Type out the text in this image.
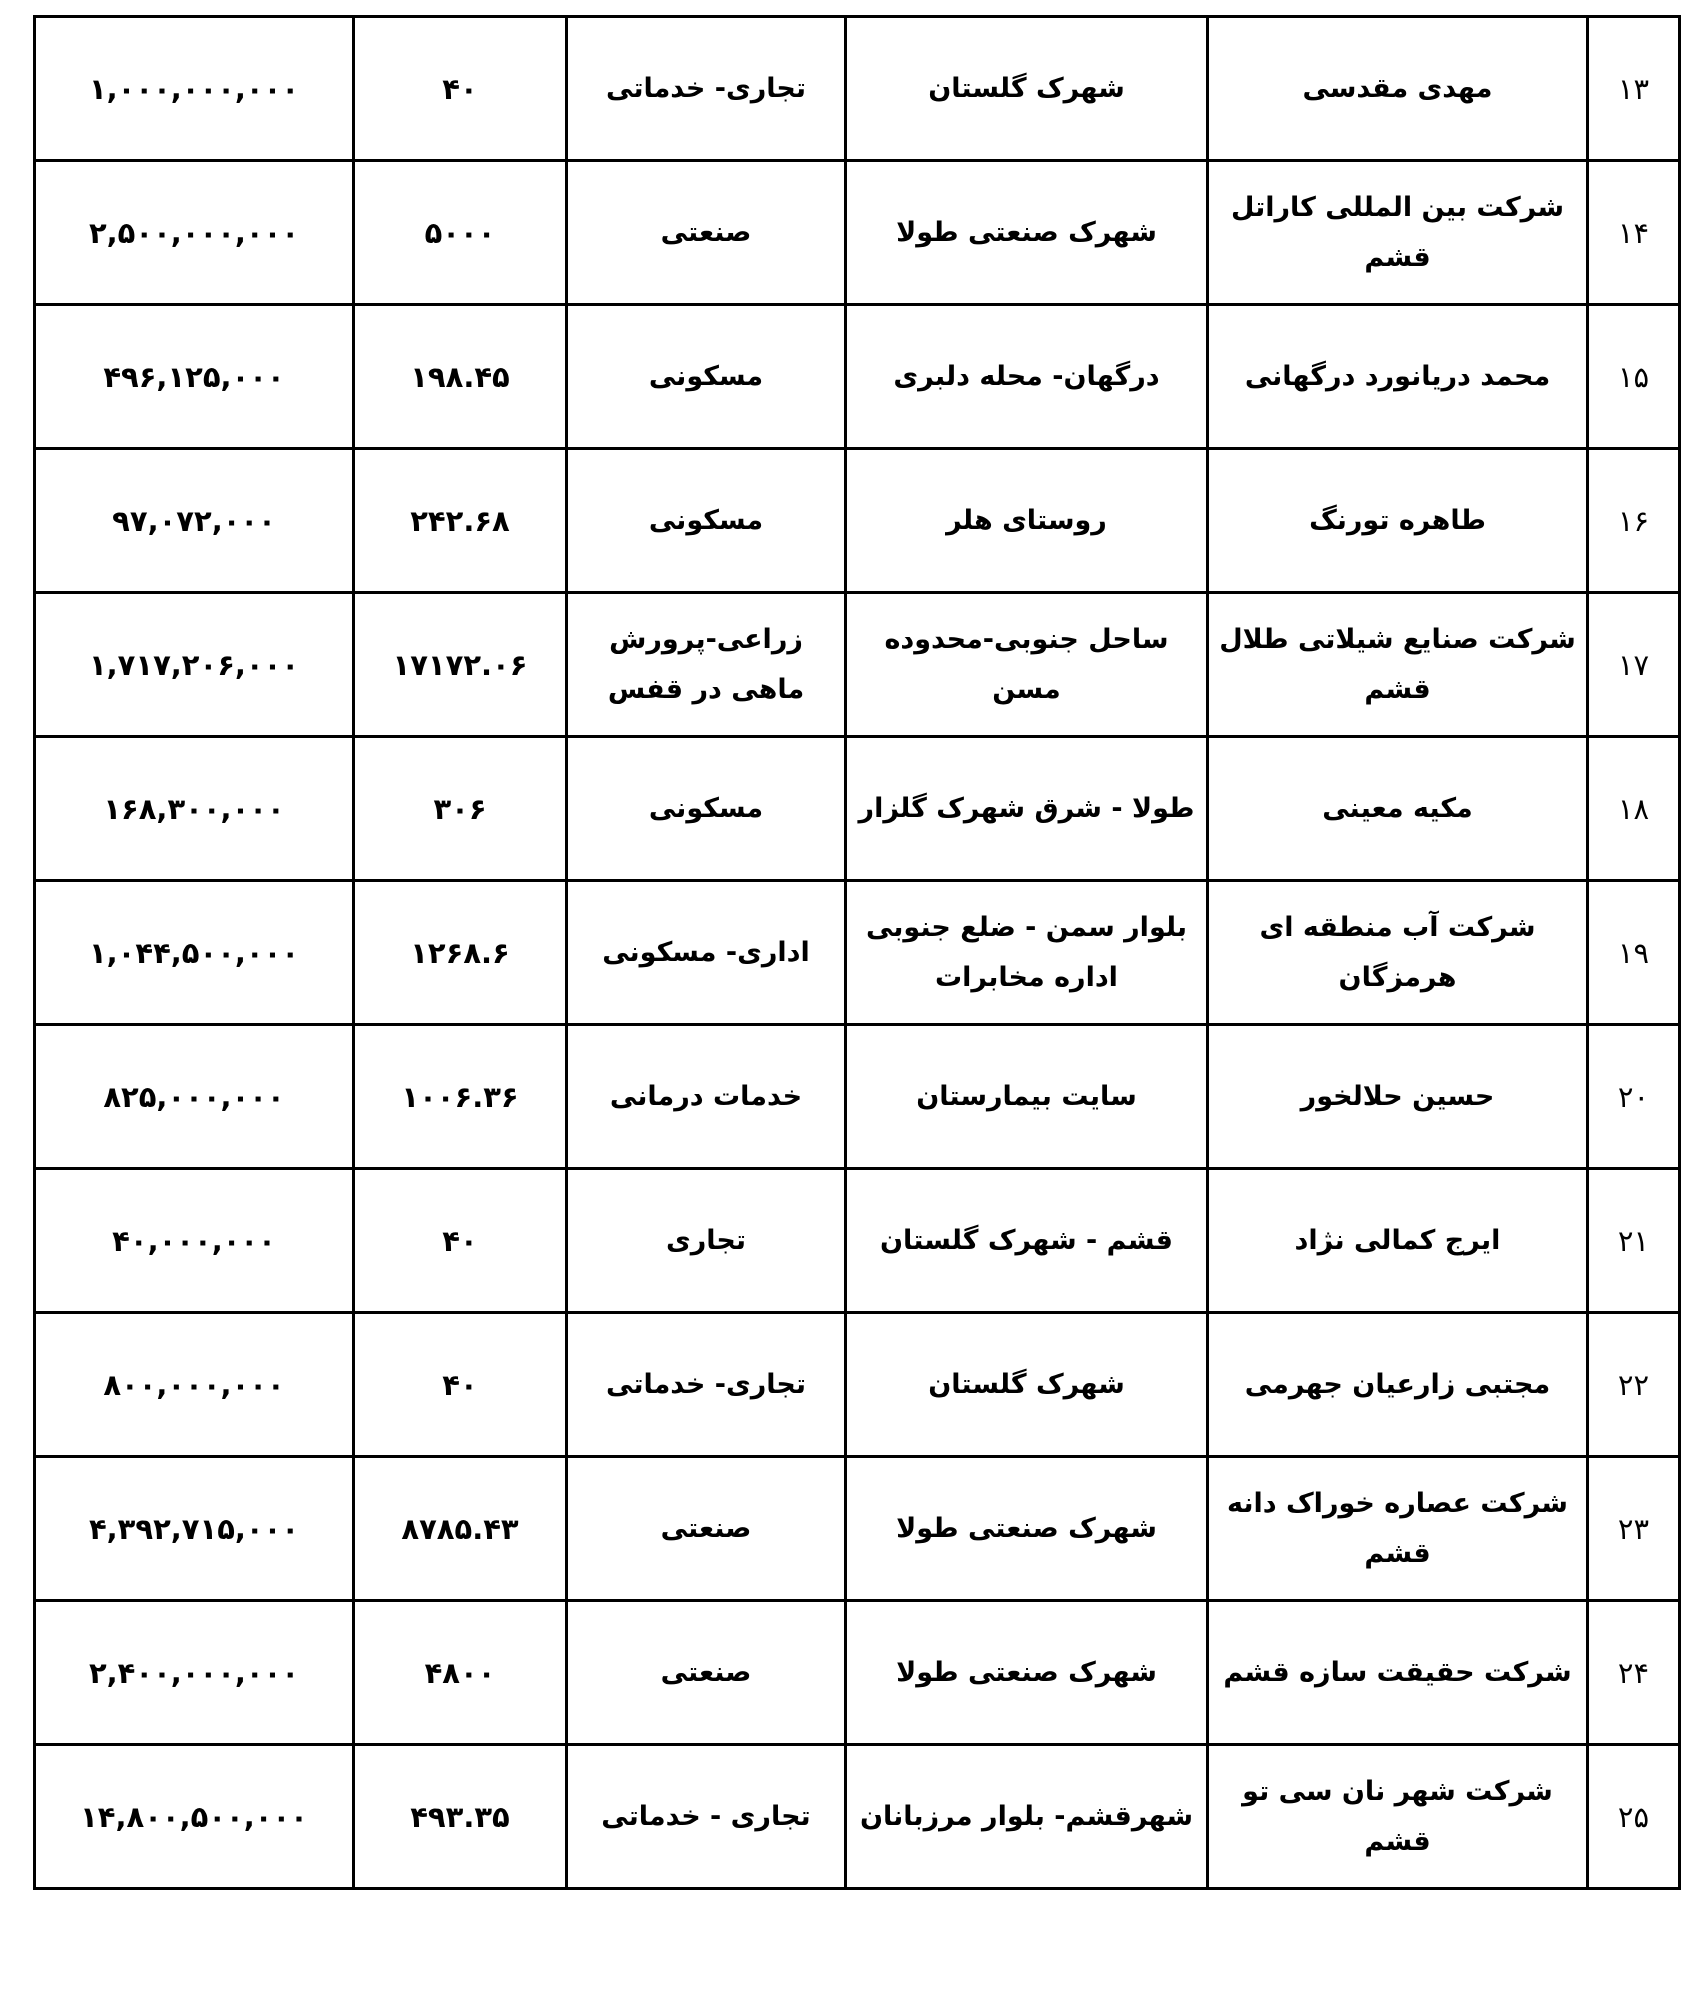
۱۳	مهدی مقدسی	شهرک گلستان	تجاری- خدماتی	۴۰	۱,۰۰۰,۰۰۰,۰۰۰
۱۴	شرکت بین المللی کاراتل قشم	شهرک صنعتی طولا	صنعتی	۵۰۰۰	۲,۵۰۰,۰۰۰,۰۰۰
۱۵	محمد دریانورد درگهانی	درگهان- محله دلبری	مسکونی	۱۹۸.۴۵	۴۹۶,۱۲۵,۰۰۰
۱۶	طاهره تورنگ	روستای هلر	مسکونی	۲۴۲.۶۸	۹۷,۰۷۲,۰۰۰
۱۷	شرکت صنایع شیلاتی طلال قشم	ساحل جنوبی-محدوده مسن	زراعی-پرورش ماهی در قفس	۱۷۱۷۲.۰۶	۱,۷۱۷,۲۰۶,۰۰۰
۱۸	مکیه معینی	طولا - شرق شهرک گلزار	مسکونی	۳۰۶	۱۶۸,۳۰۰,۰۰۰
۱۹	شرکت آب منطقه ای هرمزگان	بلوار سمن - ضلع جنوبی اداره مخابرات	اداری- مسکونی	۱۲۶۸.۶	۱,۰۴۴,۵۰۰,۰۰۰
۲۰	حسین حلالخور	سایت بیمارستان	خدمات درمانی	۱۰۰۶.۳۶	۸۲۵,۰۰۰,۰۰۰
۲۱	ایرج کمالی نژاد	قشم - شهرک گلستان	تجاری	۴۰	۴۰,۰۰۰,۰۰۰
۲۲	مجتبی زارعیان جهرمی	شهرک گلستان	تجاری- خدماتی	۴۰	۸۰۰,۰۰۰,۰۰۰
۲۳	شرکت عصاره خوراک دانه قشم	شهرک صنعتی طولا	صنعتی	۸۷۸۵.۴۳	۴,۳۹۲,۷۱۵,۰۰۰
۲۴	شرکت حقیقت سازه قشم	شهرک صنعتی طولا	صنعتی	۴۸۰۰	۲,۴۰۰,۰۰۰,۰۰۰
۲۵	شرکت شهر نان سی تو قشم	شهرقشم- بلوار مرزبانان	تجاری - خدماتی	۴۹۳.۳۵	۱۴,۸۰۰,۵۰۰,۰۰۰
